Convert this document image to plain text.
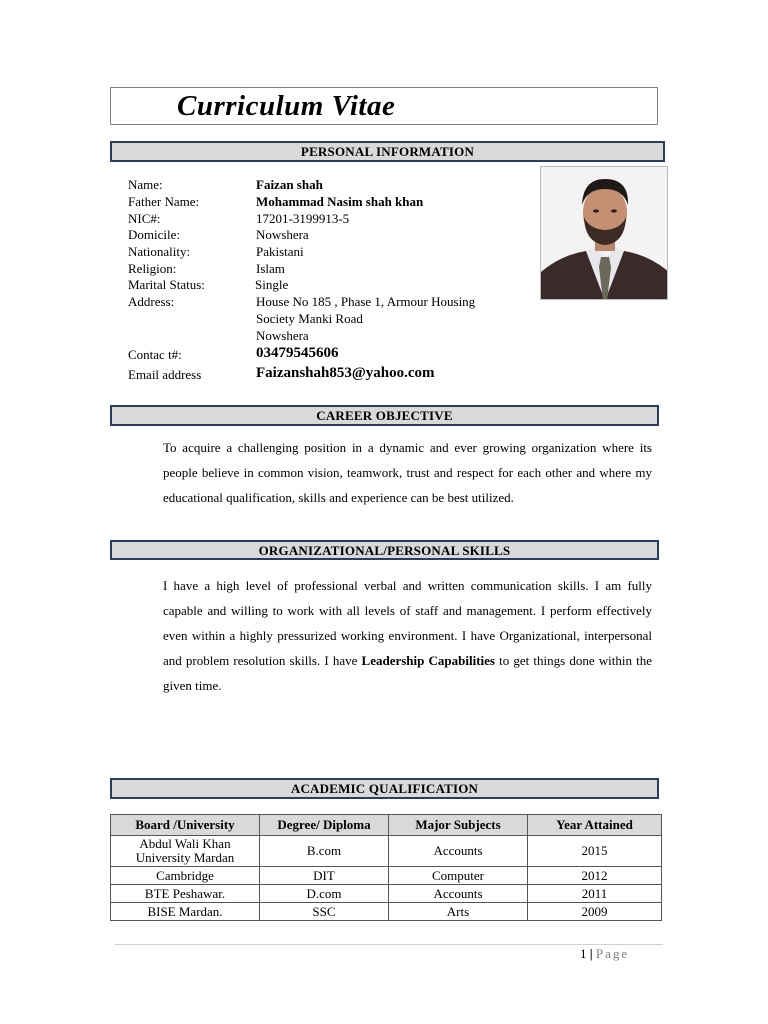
Curriculum Vitae
PERSONAL INFORMATION
Name:	Faizan shah
Father Name:	Mohammad Nasim shah khan
NIC#:	17201-3199913-5
Domicile:	Nowshera
Nationality:	Pakistani
Religion:	Islam
Marital Status:	Single
Address:	House No 185 , Phase 1, Armour Housing
Society Manki Road
Nowshera
Contac t#:	03479545606
Email address	Faizanshah853@yahoo.com
CAREER OBJECTIVE
To acquire a challenging position in a dynamic and ever growing organization where its people believe in common vision, teamwork, trust and respect for each other and where my educational qualification, skills and experience can be best utilized.
ORGANIZATIONAL/PERSONAL SKILLS
I have a high level of professional verbal and written communication skills. I am fully capable and willing to work with all levels of staff and management. I perform effectively even within a highly pressurized working environment. I have Organizational, interpersonal and problem resolution skills. I have Leadership Capabilities to get things done within the given time.
ACADEMIC QUALIFICATION
Board /University	Degree/ Diploma	Major Subjects	Year Attained
Abdul Wali Khan University Mardan	B.com	Accounts	2015
Cambridge	DIT	Computer	2012
BTE Peshawar.	D.com	Accounts	2011
BISE Mardan.	SSC	Arts	2009
1 | Page
